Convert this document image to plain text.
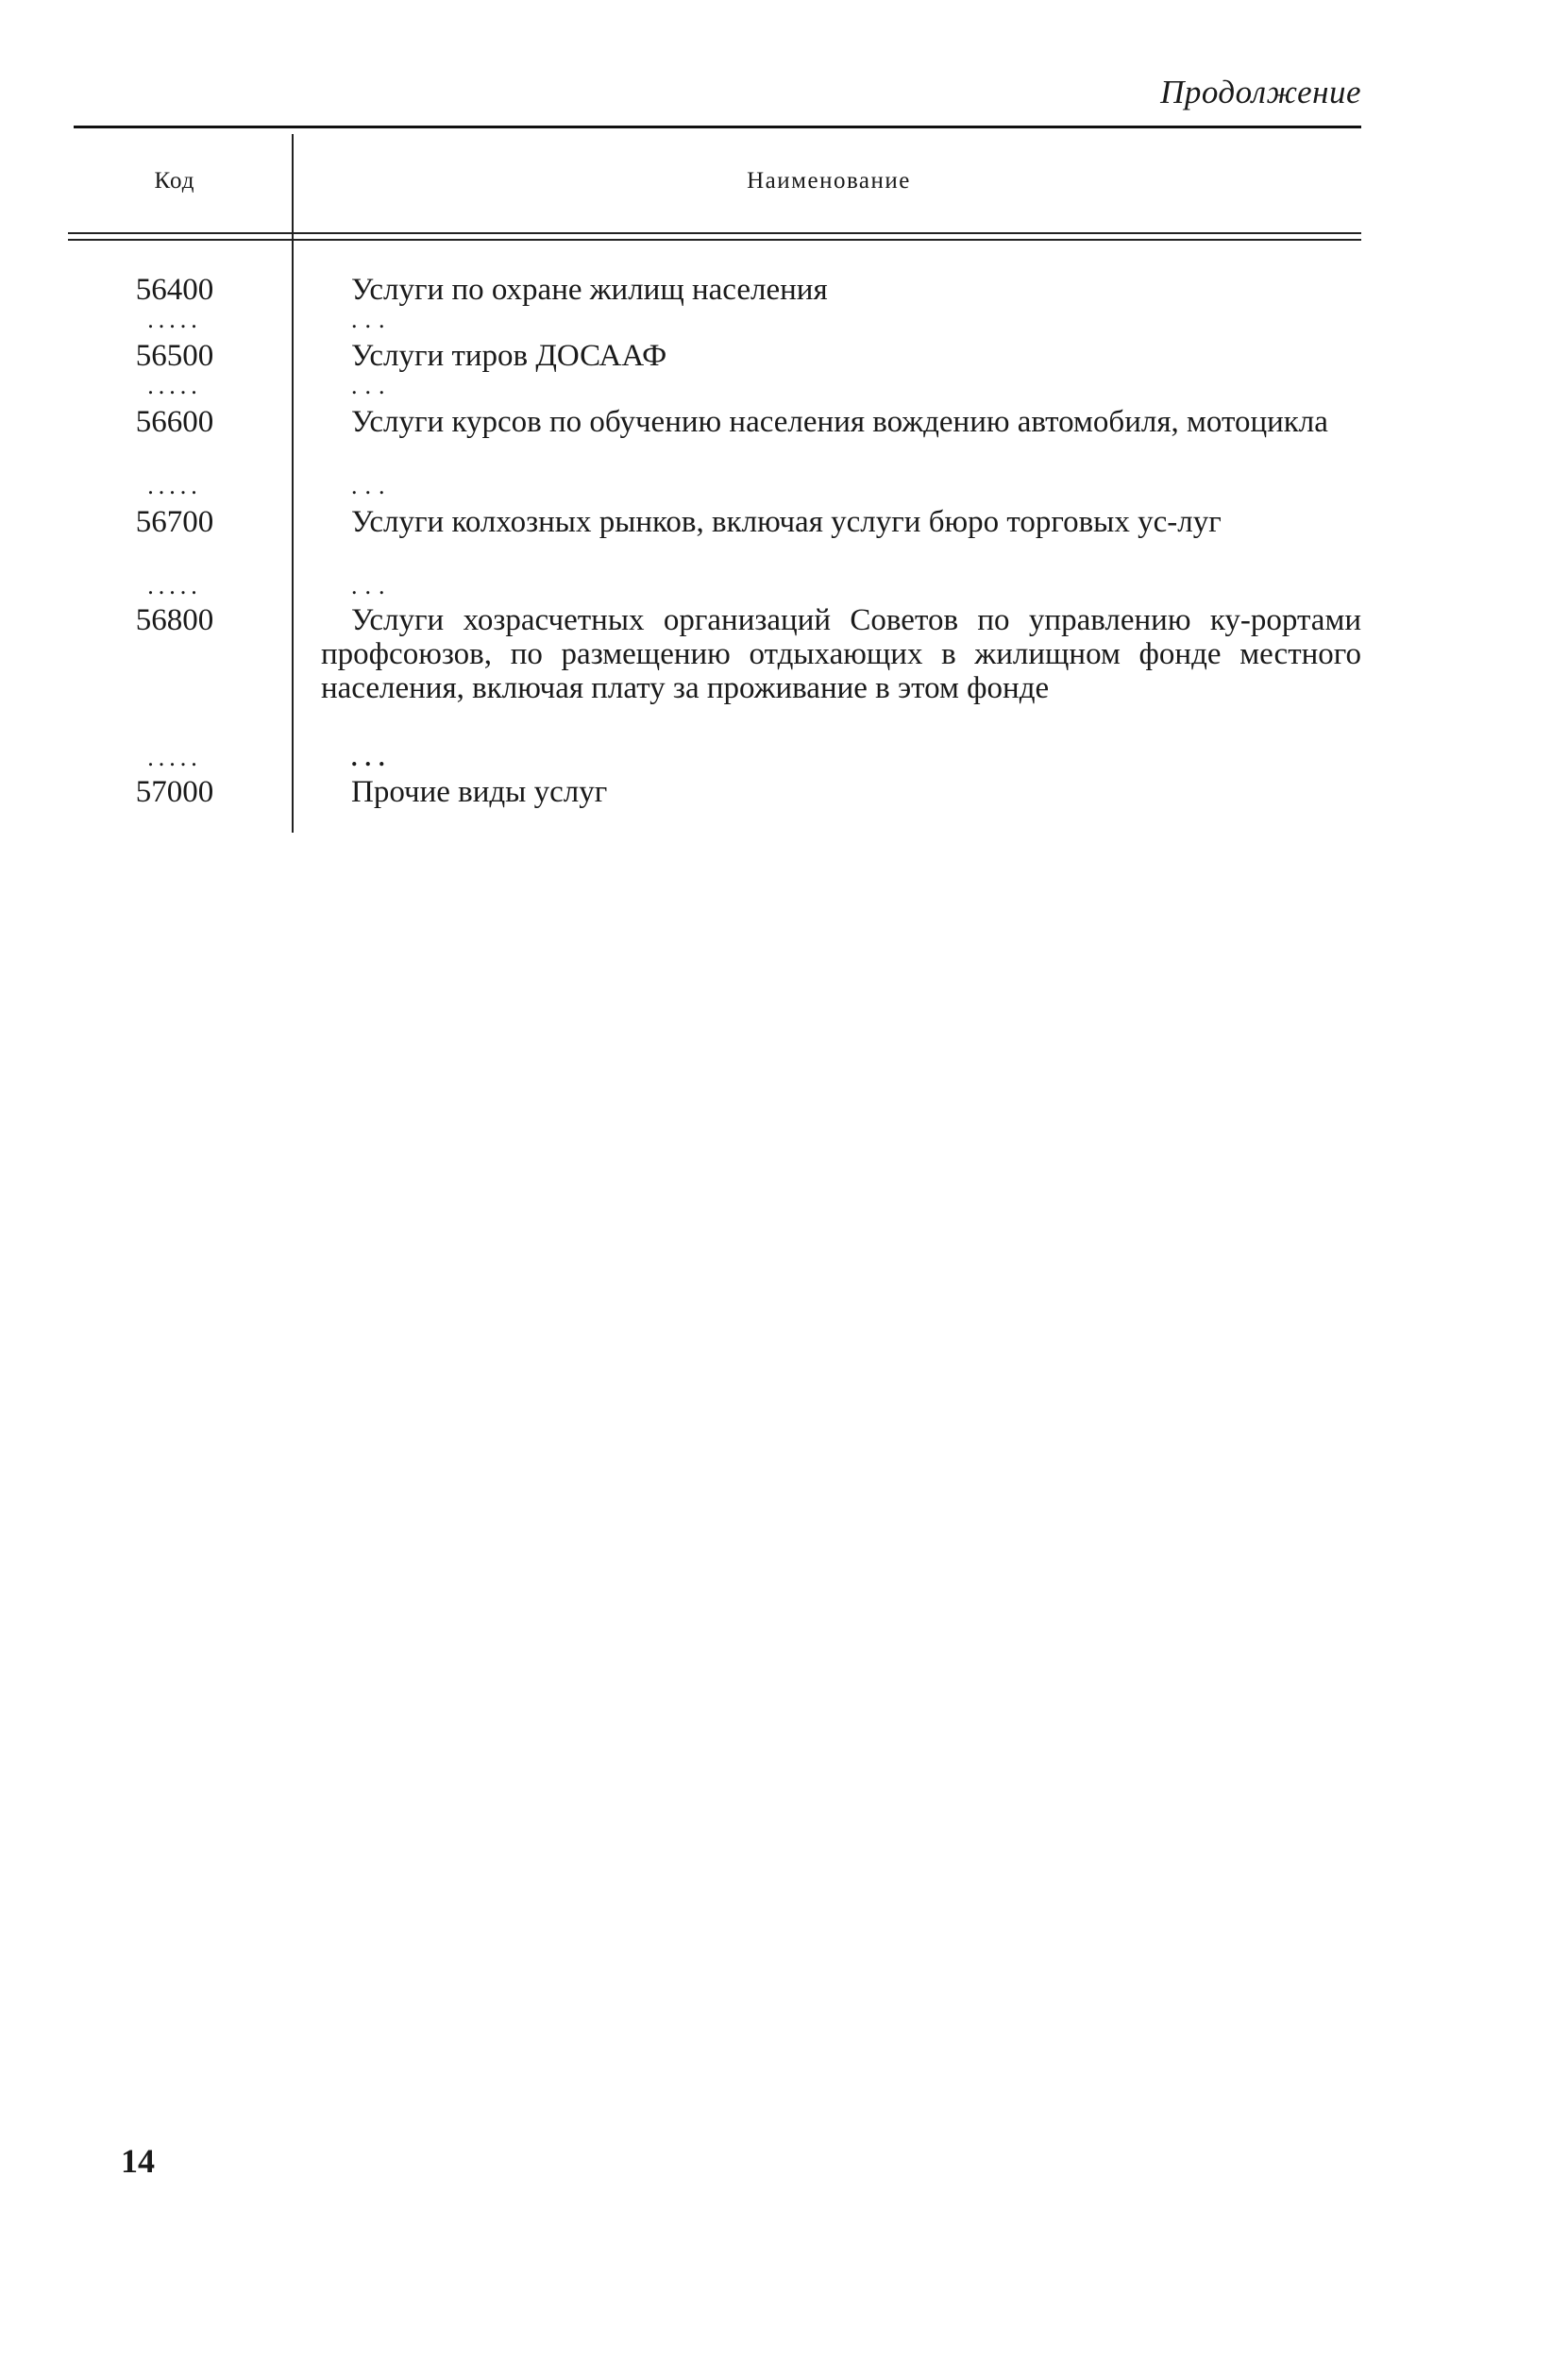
Продолжение
Код	Наименование
56400	Услуги по охране жилищ населения
.....	...
56500	Услуги тиров ДОСААФ
.....	...
56600	Услуги курсов по обучению населения вождению автомобиля, мотоцикла
.....	...
56700	Услуги колхозных рынков, включая услуги бюро торговых ус-луг
.....	...
56800	Услуги хозрасчетных организаций Советов по управлению ку-рортами профсоюзов, по размещению отдыхающих в жилищном фонде местного населения, включая плату за проживание в этом фонде
.....	...
57000	Прочие виды услуг
14
